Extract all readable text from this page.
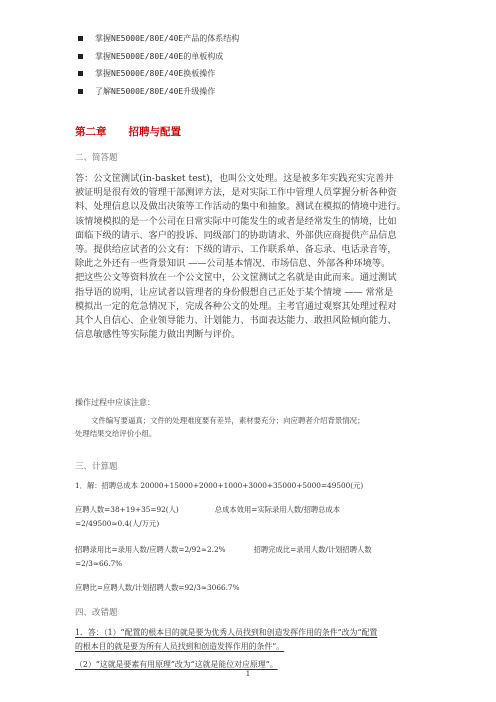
掌握NE5000E/80E/40E产品的体系结构
掌握NE5000E/80E/40E的单板构成
掌握NE5000E/80E/40E换板操作
了解NE5000E/80E/40E升级操作
第二章 招聘与配置
二、简答题
答：公文筐测试(in-basket test)，也叫公文处理。这是被多年实践充实完善并
被证明是很有效的管理干部测评方法，是对实际工作中管理人员掌握分析各种资
料、处理信息以及做出决策等工作活动的集中和抽象。测试在模拟的情境中进行。
该情境模拟的是一个公司在日常实际中可能发生的或者是经常发生的情境，比如
面临下级的请示、客户的投诉、同级部门的协助请求、外部供应商提供产品信息
等。提供给应试者的公文有：下级的请示、工作联系单、备忘录、电话录音等，
除此之外还有一些背景知识 ——公司基本情况、市场信息、外部各种环境等。
把这些公文等资料放在一个公文筐中，公文筐测试之名就是由此而来。通过测试
指导语的说明，让应试者以管理者的身份假想自己正处于某个情境 —— 常常是
模拟出一定的危急情况下，完成各种公文的处理。主考官通过观察其处理过程对
其个人自信心、企业领导能力、计划能力、书面表达能力、敢担风险倾向能力、
信息敏感性等实际能力做出判断与评价。
操作过程中应该注意：
文件编写要逼真；文件的处理难度要有差异，素材要充分；向应聘者介绍背景情况；
处理结果交给评价小组。
三、计算题
1．解：招聘总成本 20000+15000+2000+1000+3000+35000+5000=49500(元)
应聘人数=38+19+35=92(人)	总成本效用=实际录用人数/招聘总成本
=2/49500≈0.4(人/万元)
招聘录用比=录用人数/应聘人数=2/92≈2.2%	招聘完成比=录用人数/计划招聘人数
=2/3≈66.7%
应聘比=应聘人数/计划招聘人数=92/3≈3066.7%
四、改错题
1．答：（1）“配置的根本目的就是要为优秀人员找到和创造发挥作用的条件”改为“配置
的根本目的就是要为所有人员找到和创造发挥作用的条件”。
（2）“这就是要素有用原理”改为“这就是能位对应原理”。
1
